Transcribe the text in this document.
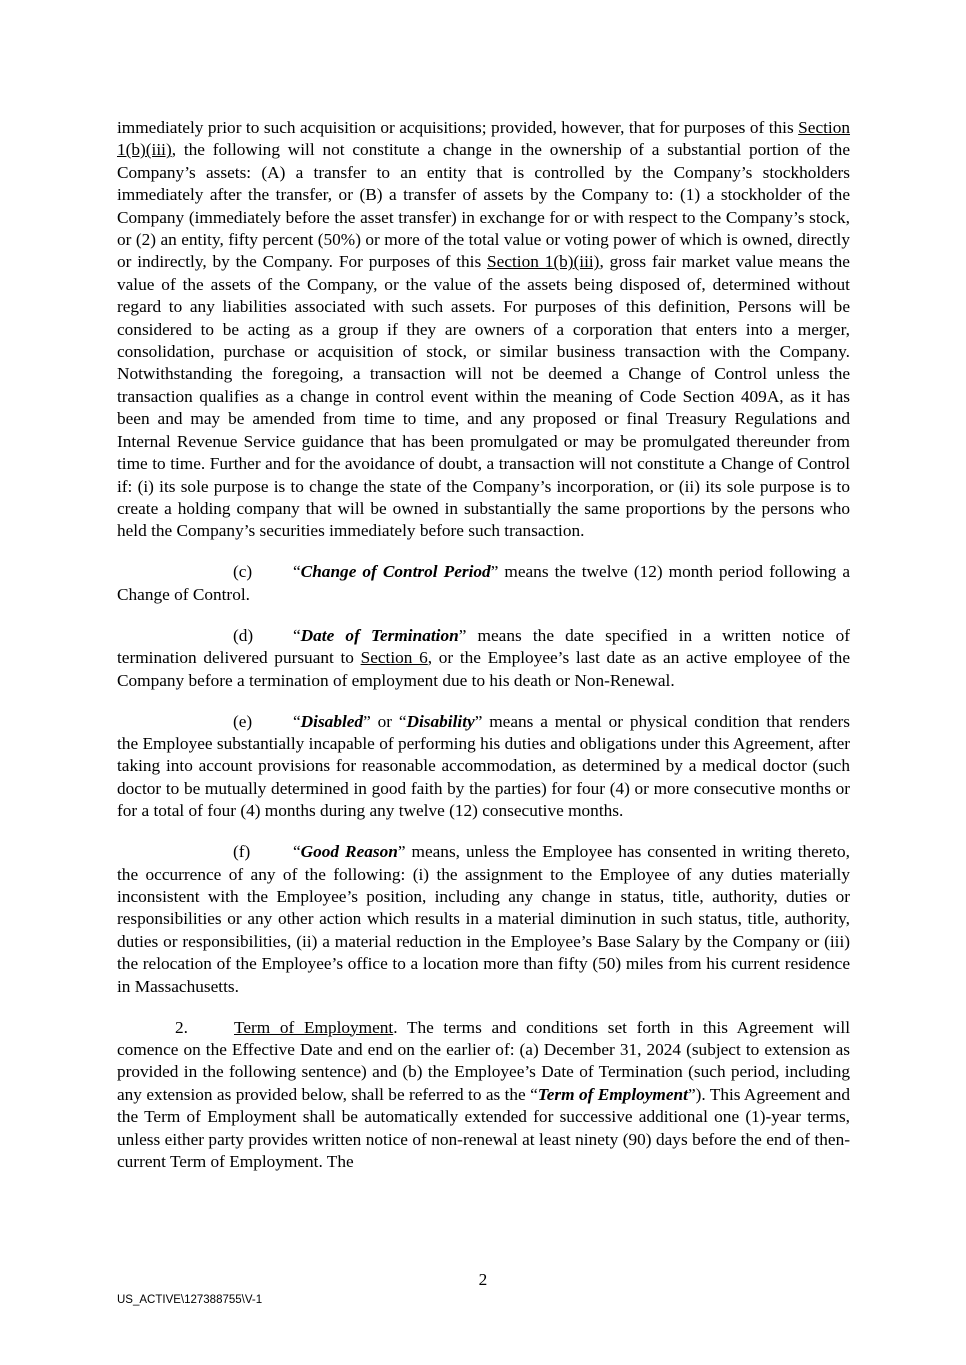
immediately prior to such acquisition or acquisitions; provided, however, that for purposes of this Section 1(b)(iii), the following will not constitute a change in the ownership of a substantial portion of the Company’s assets: (A) a transfer to an entity that is controlled by the Company’s stockholders immediately after the transfer, or (B) a transfer of assets by the Company to: (1) a stockholder of the Company (immediately before the asset transfer) in exchange for or with respect to the Company’s stock, or (2) an entity, fifty percent (50%) or more of the total value or voting power of which is owned, directly or indirectly, by the Company. For purposes of this Section 1(b)(iii), gross fair market value means the value of the assets of the Company, or the value of the assets being disposed of, determined without regard to any liabilities associated with such assets. For purposes of this definition, Persons will be considered to be acting as a group if they are owners of a corporation that enters into a merger, consolidation, purchase or acquisition of stock, or similar business transaction with the Company. Notwithstanding the foregoing, a transaction will not be deemed a Change of Control unless the transaction qualifies as a change in control event within the meaning of Code Section 409A, as it has been and may be amended from time to time, and any proposed or final Treasury Regulations and Internal Revenue Service guidance that has been promulgated or may be promulgated thereunder from time to time. Further and for the avoidance of doubt, a transaction will not constitute a Change of Control if: (i) its sole purpose is to change the state of the Company’s incorporation, or (ii) its sole purpose is to create a holding company that will be owned in substantially the same proportions by the persons who held the Company’s securities immediately before such transaction.

(c) “Change of Control Period” means the twelve (12) month period following a Change of Control.

(d) “Date of Termination” means the date specified in a written notice of termination delivered pursuant to Section 6, or the Employee’s last date as an active employee of the Company before a termination of employment due to his death or Non-Renewal.

(e) “Disabled” or “Disability” means a mental or physical condition that renders the Employee substantially incapable of performing his duties and obligations under this Agreement, after taking into account provisions for reasonable accommodation, as determined by a medical doctor (such doctor to be mutually determined in good faith by the parties) for four (4) or more consecutive months or for a total of four (4) months during any twelve (12) consecutive months.

(f) “Good Reason” means, unless the Employee has consented in writing thereto, the occurrence of any of the following: (i) the assignment to the Employee of any duties materially inconsistent with the Employee’s position, including any change in status, title, authority, duties or responsibilities or any other action which results in a material diminution in such status, title, authority, duties or responsibilities, (ii) a material reduction in the Employee’s Base Salary by the Company or (iii) the relocation of the Employee’s office to a location more than fifty (50) miles from his current residence in Massachusetts.

2.	Term of Employment. The terms and conditions set forth in this Agreement will comence on the Effective Date and end on the earlier of: (a) December 31, 2024 (subject to extension as provided in the following sentence) and (b) the Employee’s Date of Termination (such period, including any extension as provided below, shall be referred to as the “Term of Employment”). This Agreement and the Term of Employment shall be automatically extended for successive additional one (1)-year terms, unless either party provides written notice of non-renewal at least ninety (90) days before the end of then-current Term of Employment. The

2
US_ACTIVE\127388755\V-1
